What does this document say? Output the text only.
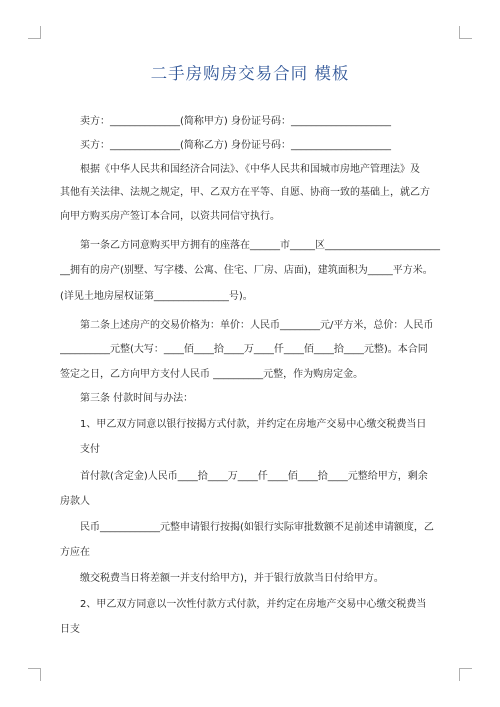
二手房购房交易合同 模板
卖方：______________(简称甲方) 身份证号码：____________________
买方：______________(简称乙方) 身份证号码：____________________
根据《中华人民共和国经济合同法》、《中华人民共和国城市房地产管理法》及
其他有关法律、法规之规定，甲、乙双方在平等、自愿、协商一致的基础上，就乙方
向甲方购买房产签订本合同，以资共同信守执行。
第一条乙方同意购买甲方拥有的座落在______市_____区_______________________
__拥有的房产(别墅、写字楼、公寓、住宅、厂房、店面)，建筑面积为_____平方米。
(详见土地房屋权证第_______________号)。
第二条上述房产的交易价格为：单价：人民币________元/平方米，总价：人民币
__________元整(大写：____佰____拾____万____仟____佰____拾____元整)。本合同
签定之日，乙方向甲方支付人民币 __________元整，作为购房定金。
第三条 付款时间与办法：
1、甲乙双方同意以银行按揭方式付款，并约定在房地产交易中心缴交税费当日
支付
首付款(含定金)人民币____拾____万____仟____佰____拾____元整给甲方，剩余
房款人
民币____________元整申请银行按揭(如银行实际审批数额不足前述申请额度，乙
方应在
缴交税费当日将差额一并支付给甲方)，并于银行放款当日付给甲方。
2、甲乙双方同意以一次性付款方式付款，并约定在房地产交易中心缴交税费当
日支
